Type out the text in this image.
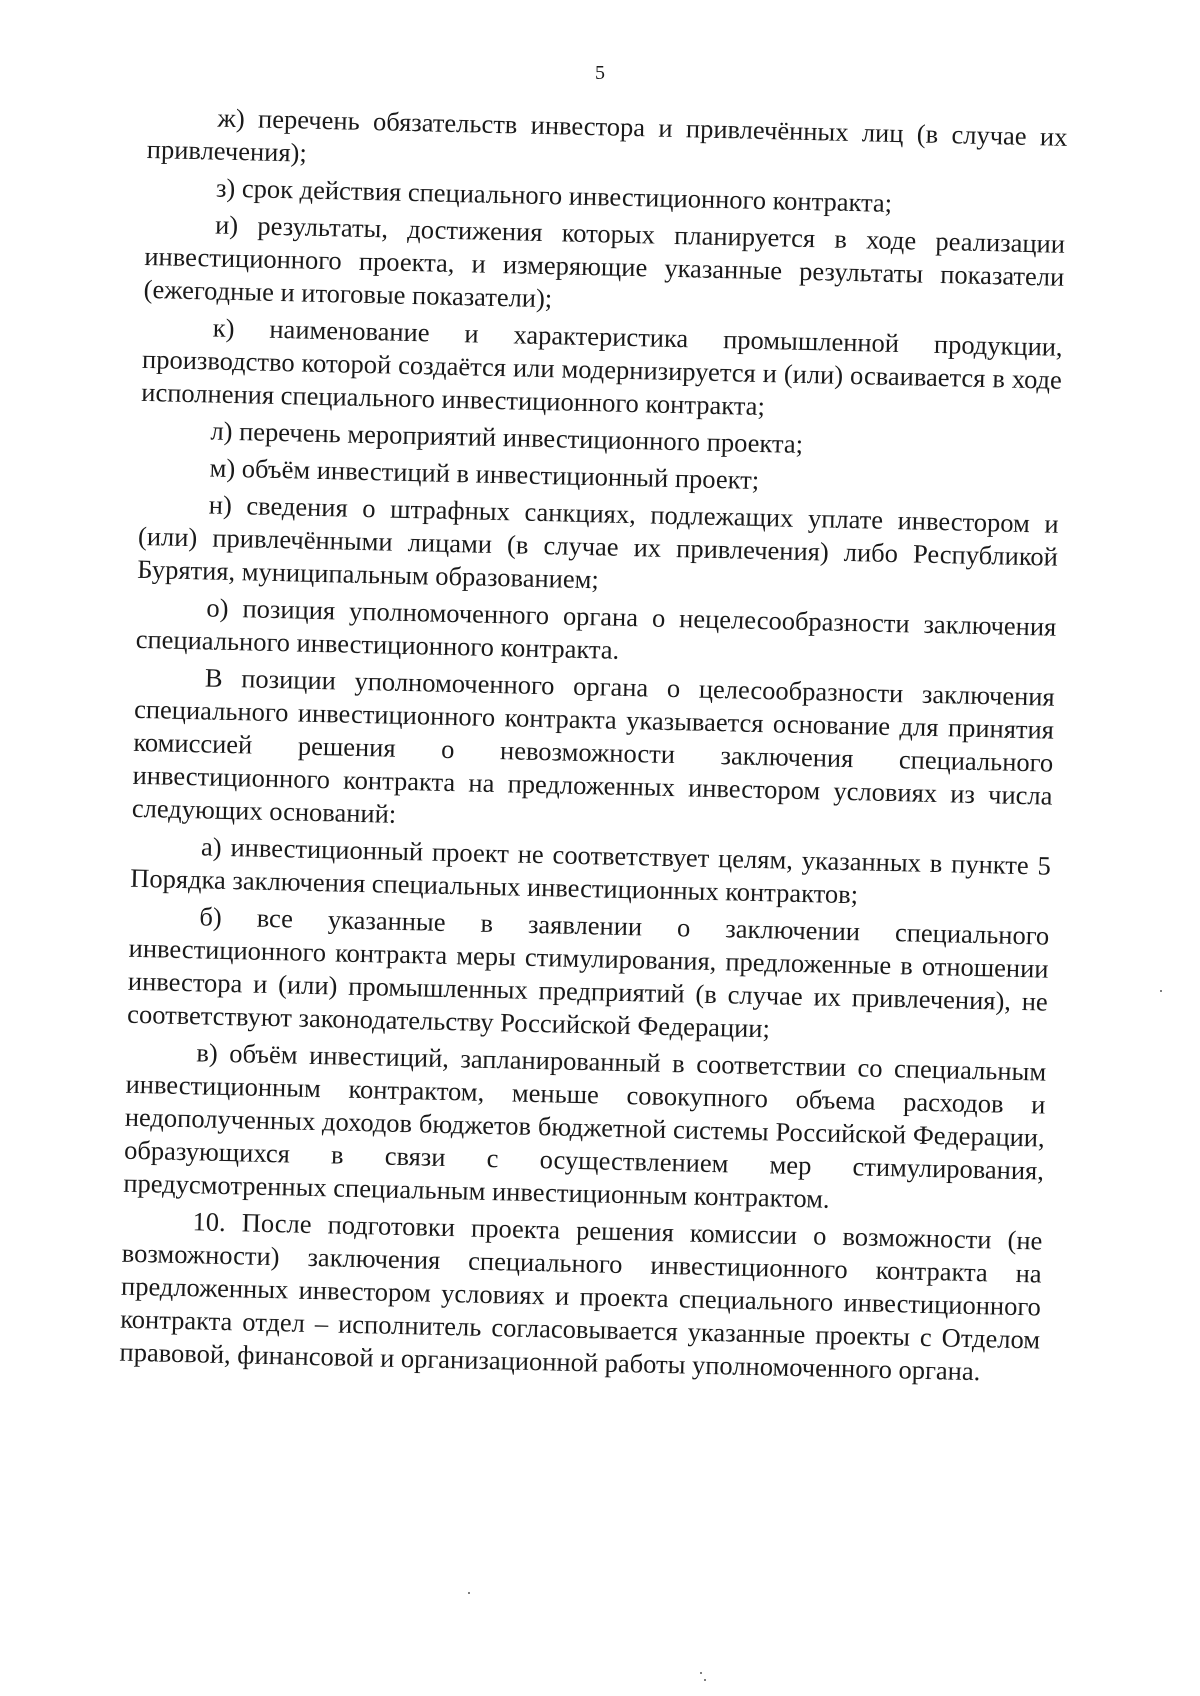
5

ж) перечень обязательств инвестора и привлечённых лиц (в случае их привлечения);

з) срок действия специального инвестиционного контракта;

и) результаты, достижения которых планируется в ходе реализации инвестиционного проекта, и измеряющие указанные результаты показатели (ежегодные и итоговые показатели);

к) наименование и характеристика промышленной продукции, производство которой создаётся или модернизируется и (или) осваивается в ходе исполнения специального инвестиционного контракта;

л) перечень мероприятий инвестиционного проекта;

м) объём инвестиций в инвестиционный проект;

н) сведения о штрафных санкциях, подлежащих уплате инвестором и (или) привлечёнными лицами (в случае их привлечения) либо Республикой Бурятия, муниципальным образованием;

о) позиция уполномоченного органа о нецелесообразности заключения специального инвестиционного контракта.

В позиции уполномоченного органа о целесообразности заключения специального инвестиционного контракта указывается основание для принятия комиссией решения о невозможности заключения специального инвестиционного контракта на предложенных инвестором условиях из числа следующих оснований:

а) инвестиционный проект не соответствует целям, указанных в пункте 5 Порядка заключения специальных инвестиционных контрактов;

б) все указанные в заявлении о заключении специального инвестиционного контракта меры стимулирования, предложенные в отношении инвестора и (или) промышленных предприятий (в случае их привлечения), не соответствуют законодательству Российской Федерации;

в) объём инвестиций, запланированный в соответствии со специальным инвестиционным контрактом, меньше совокупного объема расходов и недополученных доходов бюджетов бюджетной системы Российской Федерации, образующихся в связи с осуществлением мер стимулирования, предусмотренных специальным инвестиционным контрактом.

10. После подготовки проекта решения комиссии о возможности (не возможности) заключения специального инвестиционного контракта на предложенных инвестором условиях и проекта специального инвестиционного контракта отдел – исполнитель согласовывается указанные проекты с Отделом правовой, финансовой и организационной работы уполномоченного органа.
